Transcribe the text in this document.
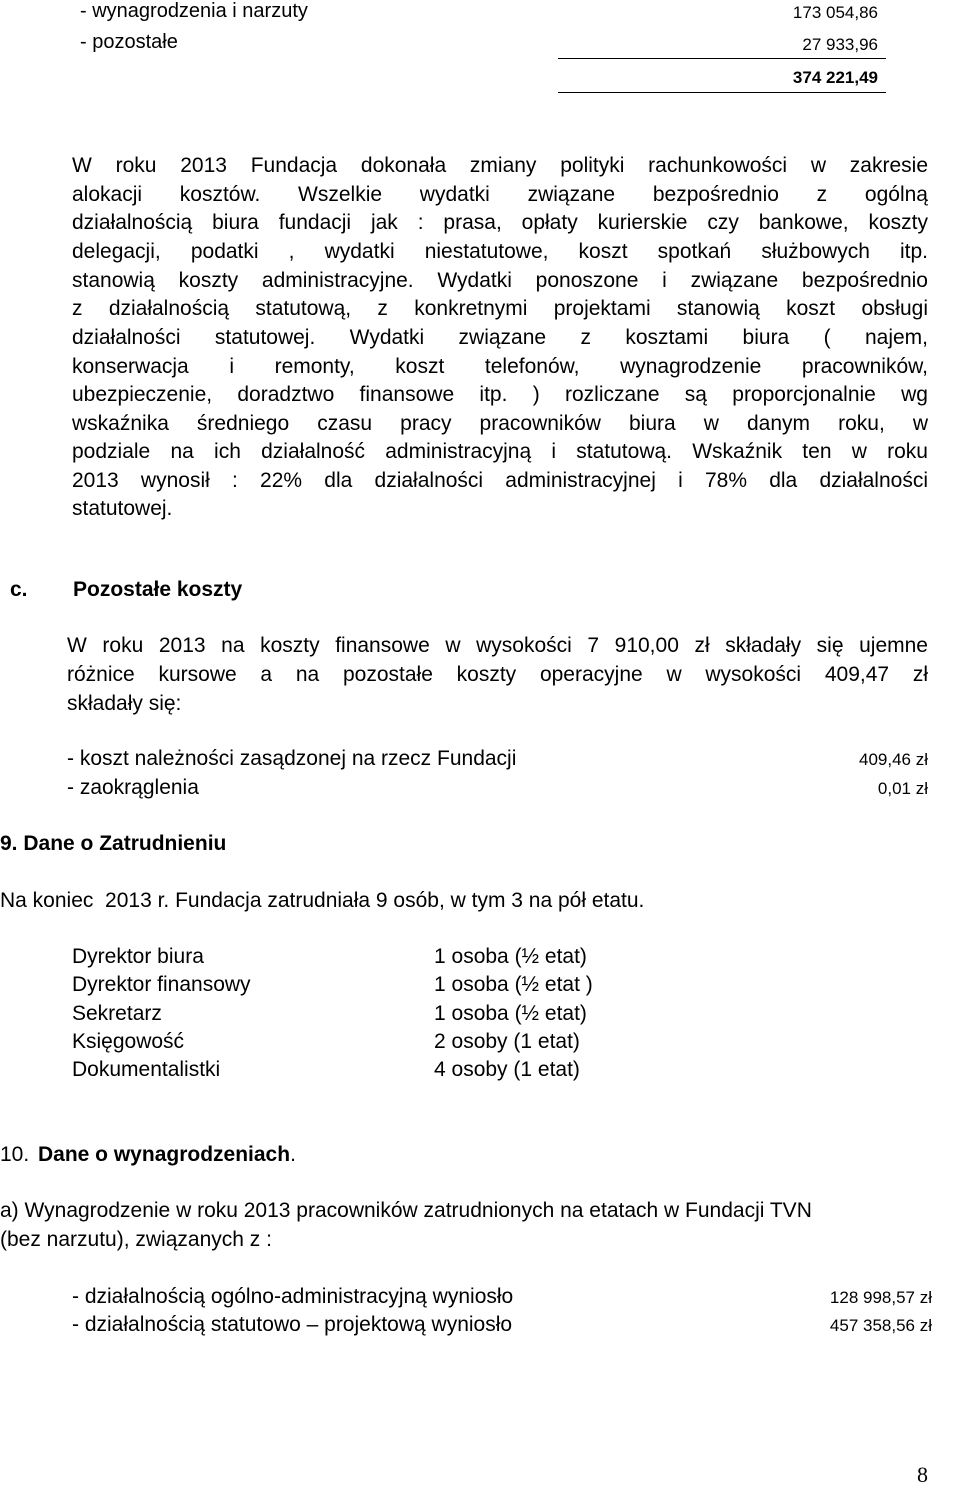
- wynagrodzenia i narzuty	173 054,86
- pozostałe	27 933,96
374 221,49
W roku 2013 Fundacja dokonała zmiany polityki rachunkowości w zakresie
alokacji kosztów. Wszelkie wydatki związane bezpośrednio z ogólną
działalnością biura fundacji jak : prasa, opłaty kurierskie czy bankowe, koszty
delegacji, podatki , wydatki niestatutowe, koszt spotkań służbowych itp.
stanowią koszty administracyjne. Wydatki ponoszone i związane bezpośrednio
z działalnością statutową, z konkretnymi projektami stanowią koszt obsługi
działalności statutowej. Wydatki związane z kosztami biura ( najem,
konserwacja i remonty, koszt telefonów, wynagrodzenie pracowników,
ubezpieczenie, doradztwo finansowe itp. ) rozliczane są proporcjonalnie wg
wskaźnika średniego czasu pracy pracowników biura w danym roku, w
podziale na ich działalność administracyjną i statutową. Wskaźnik ten w roku
2013 wynosił : 22% dla działalności administracyjnej i 78% dla działalności
statutowej.
c. Pozostałe koszty
W roku 2013 na koszty finansowe w wysokości 7 910,00 zł składały się ujemne
różnice kursowe a na pozostałe koszty operacyjne w wysokości 409,47 zł
składały się:
- koszt należności zasądzonej na rzecz Fundacji	409,46 zł
- zaokrąglenia	0,01 zł
9. Dane o Zatrudnieniu
Na koniec  2013 r. Fundacja zatrudniała 9 osób, w tym 3 na pół etatu.
Dyrektor biura	1 osoba (½ etat)
Dyrektor finansowy	1 osoba (½ etat )
Sekretarz	1 osoba (½ etat)
Księgowość	2 osoby (1 etat)
Dokumentalistki	4 osoby (1 etat)
10. Dane o wynagrodzeniach.
a) Wynagrodzenie w roku 2013 pracowników zatrudnionych na etatach w Fundacji TVN
(bez narzutu), związanych z :
- działalnością ogólno-administracyjną wyniosło	128 998,57 zł
- działalnością statutowo – projektową wyniosło	457 358,56 zł
8
